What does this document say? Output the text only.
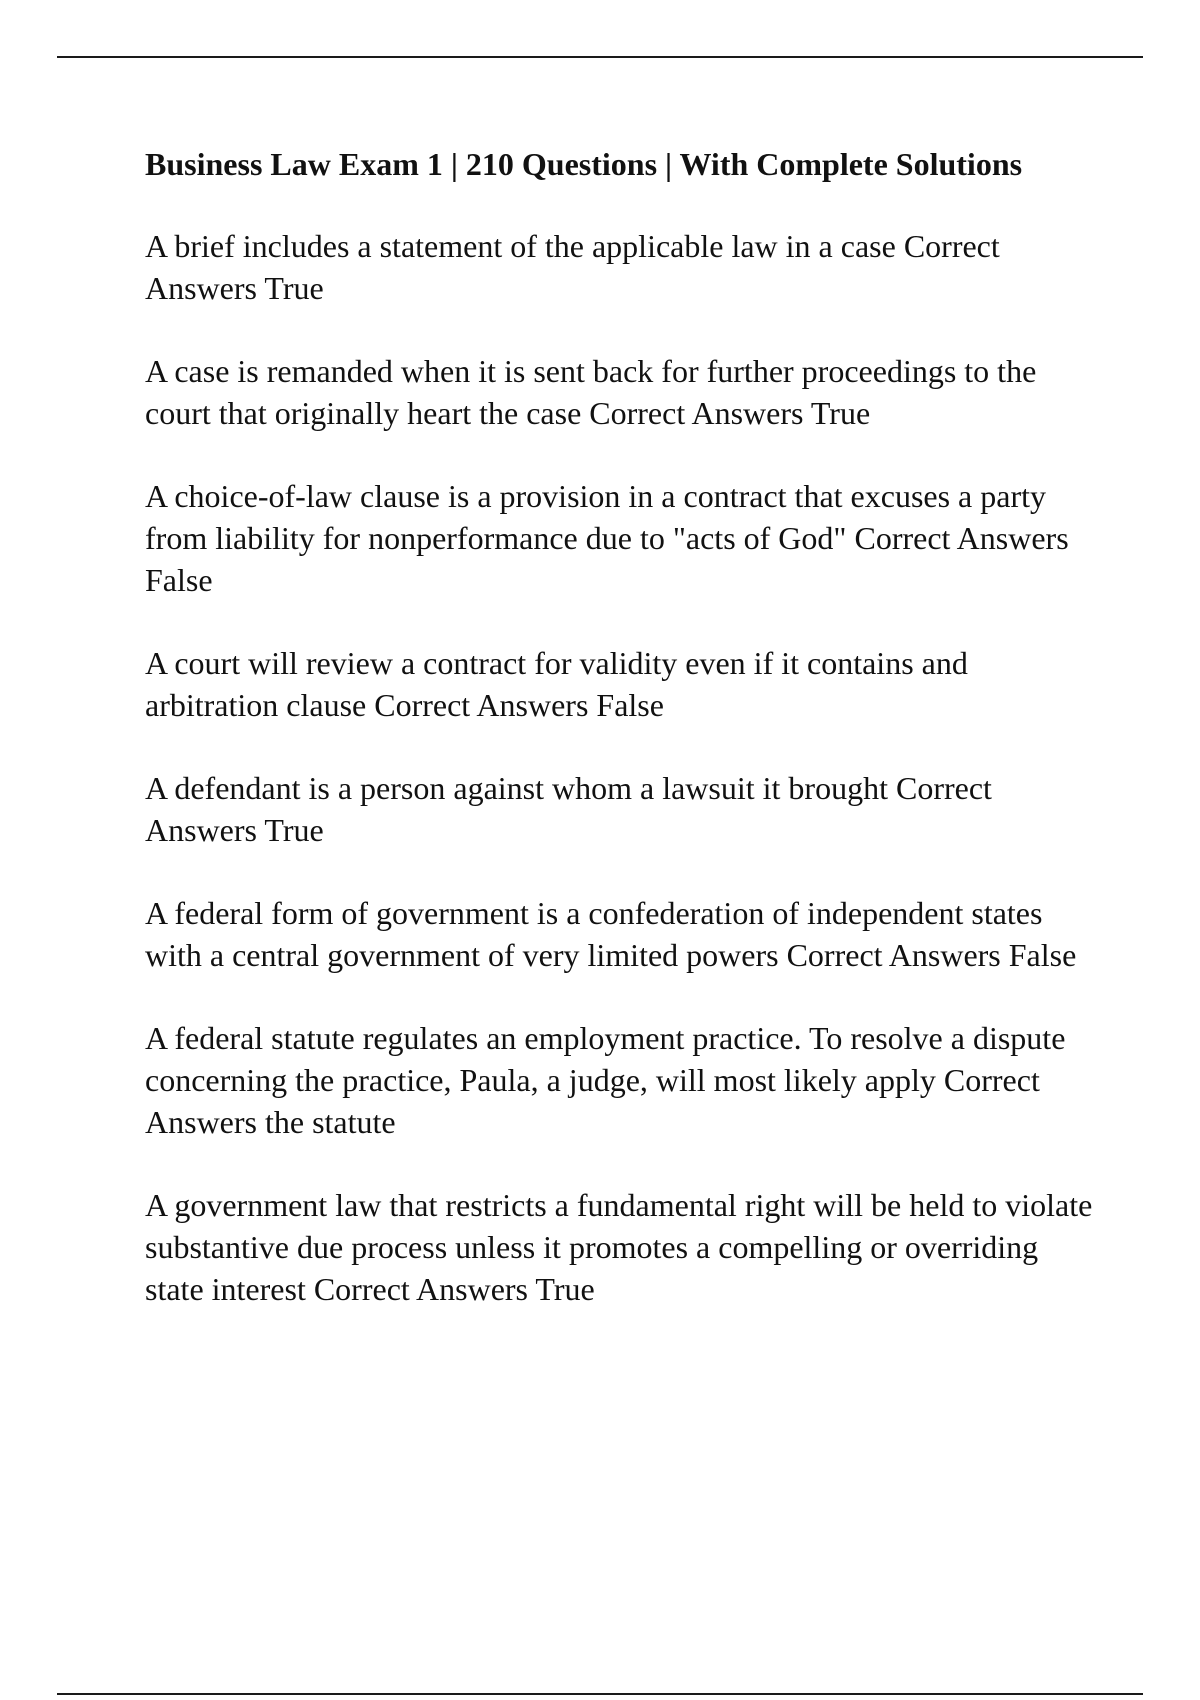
Business Law Exam 1 | 210 Questions | With Complete Solutions

A brief includes a statement of the applicable law in a case Correct Answers True

A case is remanded when it is sent back for further proceedings to the court that originally heart the case Correct Answers True

A choice-of-law clause is a provision in a contract that excuses a party from liability for nonperformance due to "acts of God" Correct Answers False

A court will review a contract for validity even if it contains and arbitration clause Correct Answers False

A defendant is a person against whom a lawsuit it brought Correct Answers True

A federal form of government is a confederation of independent states with a central government of very limited powers Correct Answers False

A federal statute regulates an employment practice. To resolve a dispute concerning the practice, Paula, a judge, will most likely apply Correct Answers the statute

A government law that restricts a fundamental right will be held to violate substantive due process unless it promotes a compelling or overriding state interest Correct Answers True
